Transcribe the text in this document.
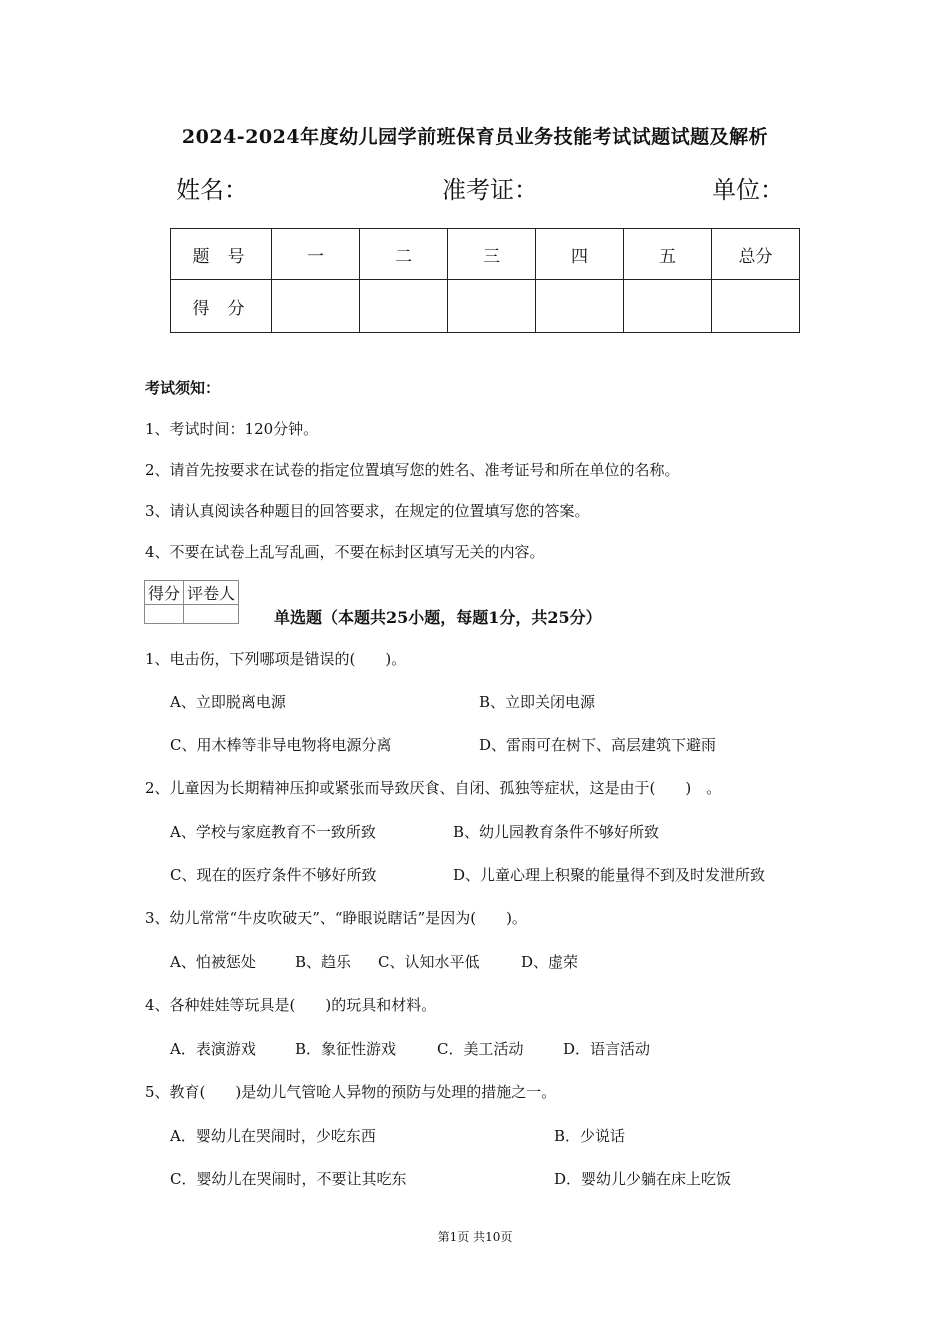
2024-2024年度幼儿园学前班保育员业务技能考试试题试题及解析
姓名：	准考证：	单位：
题号	一	二	三	四	五	总分
得分						
考试须知：
1、考试时间：120分钟。
2、请首先按要求在试卷的指定位置填写您的姓名、准考证号和所在单位的名称。
3、请认真阅读各种题目的回答要求，在规定的位置填写您的答案。
4、不要在试卷上乱写乱画，不要在标封区填写无关的内容。
得分	评卷人

单选题（本题共25小题，每题1分，共25分）
1、电击伤，下列哪项是错误的(　　)。
A、立即脱离电源	B、立即关闭电源
C、用木棒等非导电物将电源分离	D、雷雨可在树下、高层建筑下避雨
2、儿童因为长期精神压抑或紧张而导致厌食、自闭、孤独等症状，这是由于(　　)　。
A、学校与家庭教育不一致所致	B、幼儿园教育条件不够好所致
C、现在的医疗条件不够好所致	D、儿童心理上积聚的能量得不到及时发泄所致
3、幼儿常常“牛皮吹破天”、“睁眼说瞎话”是因为(　　)。
A、怕被惩处	B、趋乐 C、认知水平低	D、虚荣
4、各种娃娃等玩具是(　　)的玩具和材料。
A．表演游戏	B．象征性游戏	C．美工活动	D．语言活动
5、教育(　　)是幼儿气管呛人异物的预防与处理的措施之一。
A．婴幼儿在哭闹时，少吃东西	B．少说话
C．婴幼儿在哭闹时，不要让其吃东	D．婴幼儿少躺在床上吃饭
第1页 共10页
